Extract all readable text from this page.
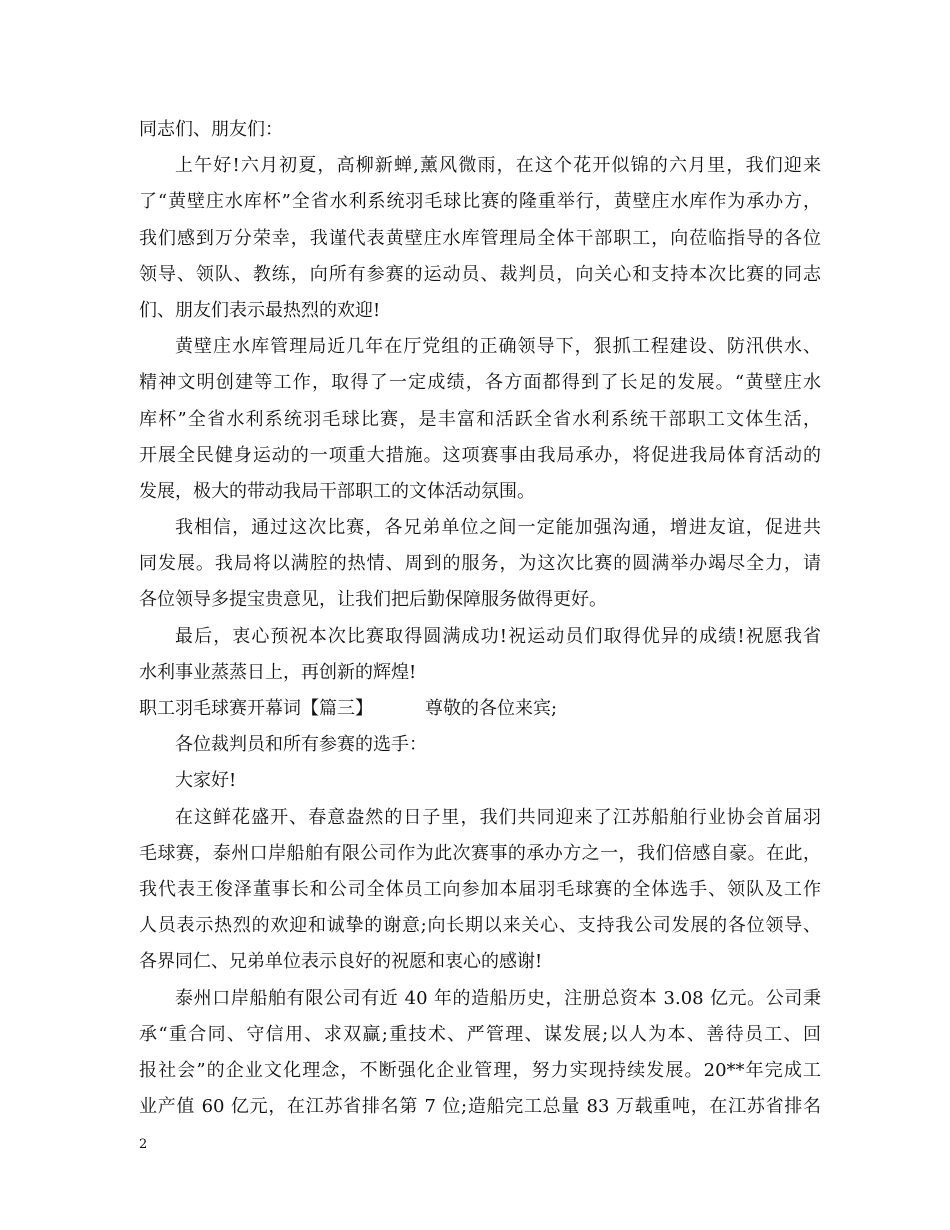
同志们、朋友们：
上午好!六月初夏，高柳新蝉,薰风微雨，在这个花开似锦的六月里，我们迎来
了“黄壁庄水库杯”全省水利系统羽毛球比赛的隆重举行，黄壁庄水库作为承办方，
我们感到万分荣幸，我谨代表黄壁庄水库管理局全体干部职工，向莅临指导的各位
领导、领队、教练，向所有参赛的运动员、裁判员，向关心和支持本次比赛的同志
们、朋友们表示最热烈的欢迎!
黄壁庄水库管理局近几年在厅党组的正确领导下，狠抓工程建设、防汛供水、
精神文明创建等工作，取得了一定成绩，各方面都得到了长足的发展。“黄壁庄水
库杯”全省水利系统羽毛球比赛，是丰富和活跃全省水利系统干部职工文体生活，
开展全民健身运动的一项重大措施。这项赛事由我局承办，将促进我局体育活动的
发展，极大的带动我局干部职工的文体活动氛围。
我相信，通过这次比赛，各兄弟单位之间一定能加强沟通，增进友谊，促进共
同发展。我局将以满腔的热情、周到的服务，为这次比赛的圆满举办竭尽全力，请
各位领导多提宝贵意见，让我们把后勤保障服务做得更好。
最后，衷心预祝本次比赛取得圆满成功!祝运动员们取得优异的成绩!祝愿我省
水利事业蒸蒸日上，再创新的辉煌!
职工羽毛球赛开幕词【篇三】	尊敬的各位来宾;
各位裁判员和所有参赛的选手：
大家好!
在这鲜花盛开、春意盎然的日子里，我们共同迎来了江苏船舶行业协会首届羽
毛球赛，泰州口岸船舶有限公司作为此次赛事的承办方之一，我们倍感自豪。在此，
我代表王俊泽董事长和公司全体员工向参加本届羽毛球赛的全体选手、领队及工作
人员表示热烈的欢迎和诚挚的谢意;向长期以来关心、支持我公司发展的各位领导、
各界同仁、兄弟单位表示良好的祝愿和衷心的感谢!
泰州口岸船舶有限公司有近 40 年的造船历史，注册总资本 3.08 亿元。公司秉
承“重合同、守信用、求双赢;重技术、严管理、谋发展;以人为本、善待员工、回
报社会”的企业文化理念，不断强化企业管理，努力实现持续发展。20**年完成工
业产值 60 亿元，在江苏省排名第 7 位;造船完工总量 83 万载重吨，在江苏省排名
2
